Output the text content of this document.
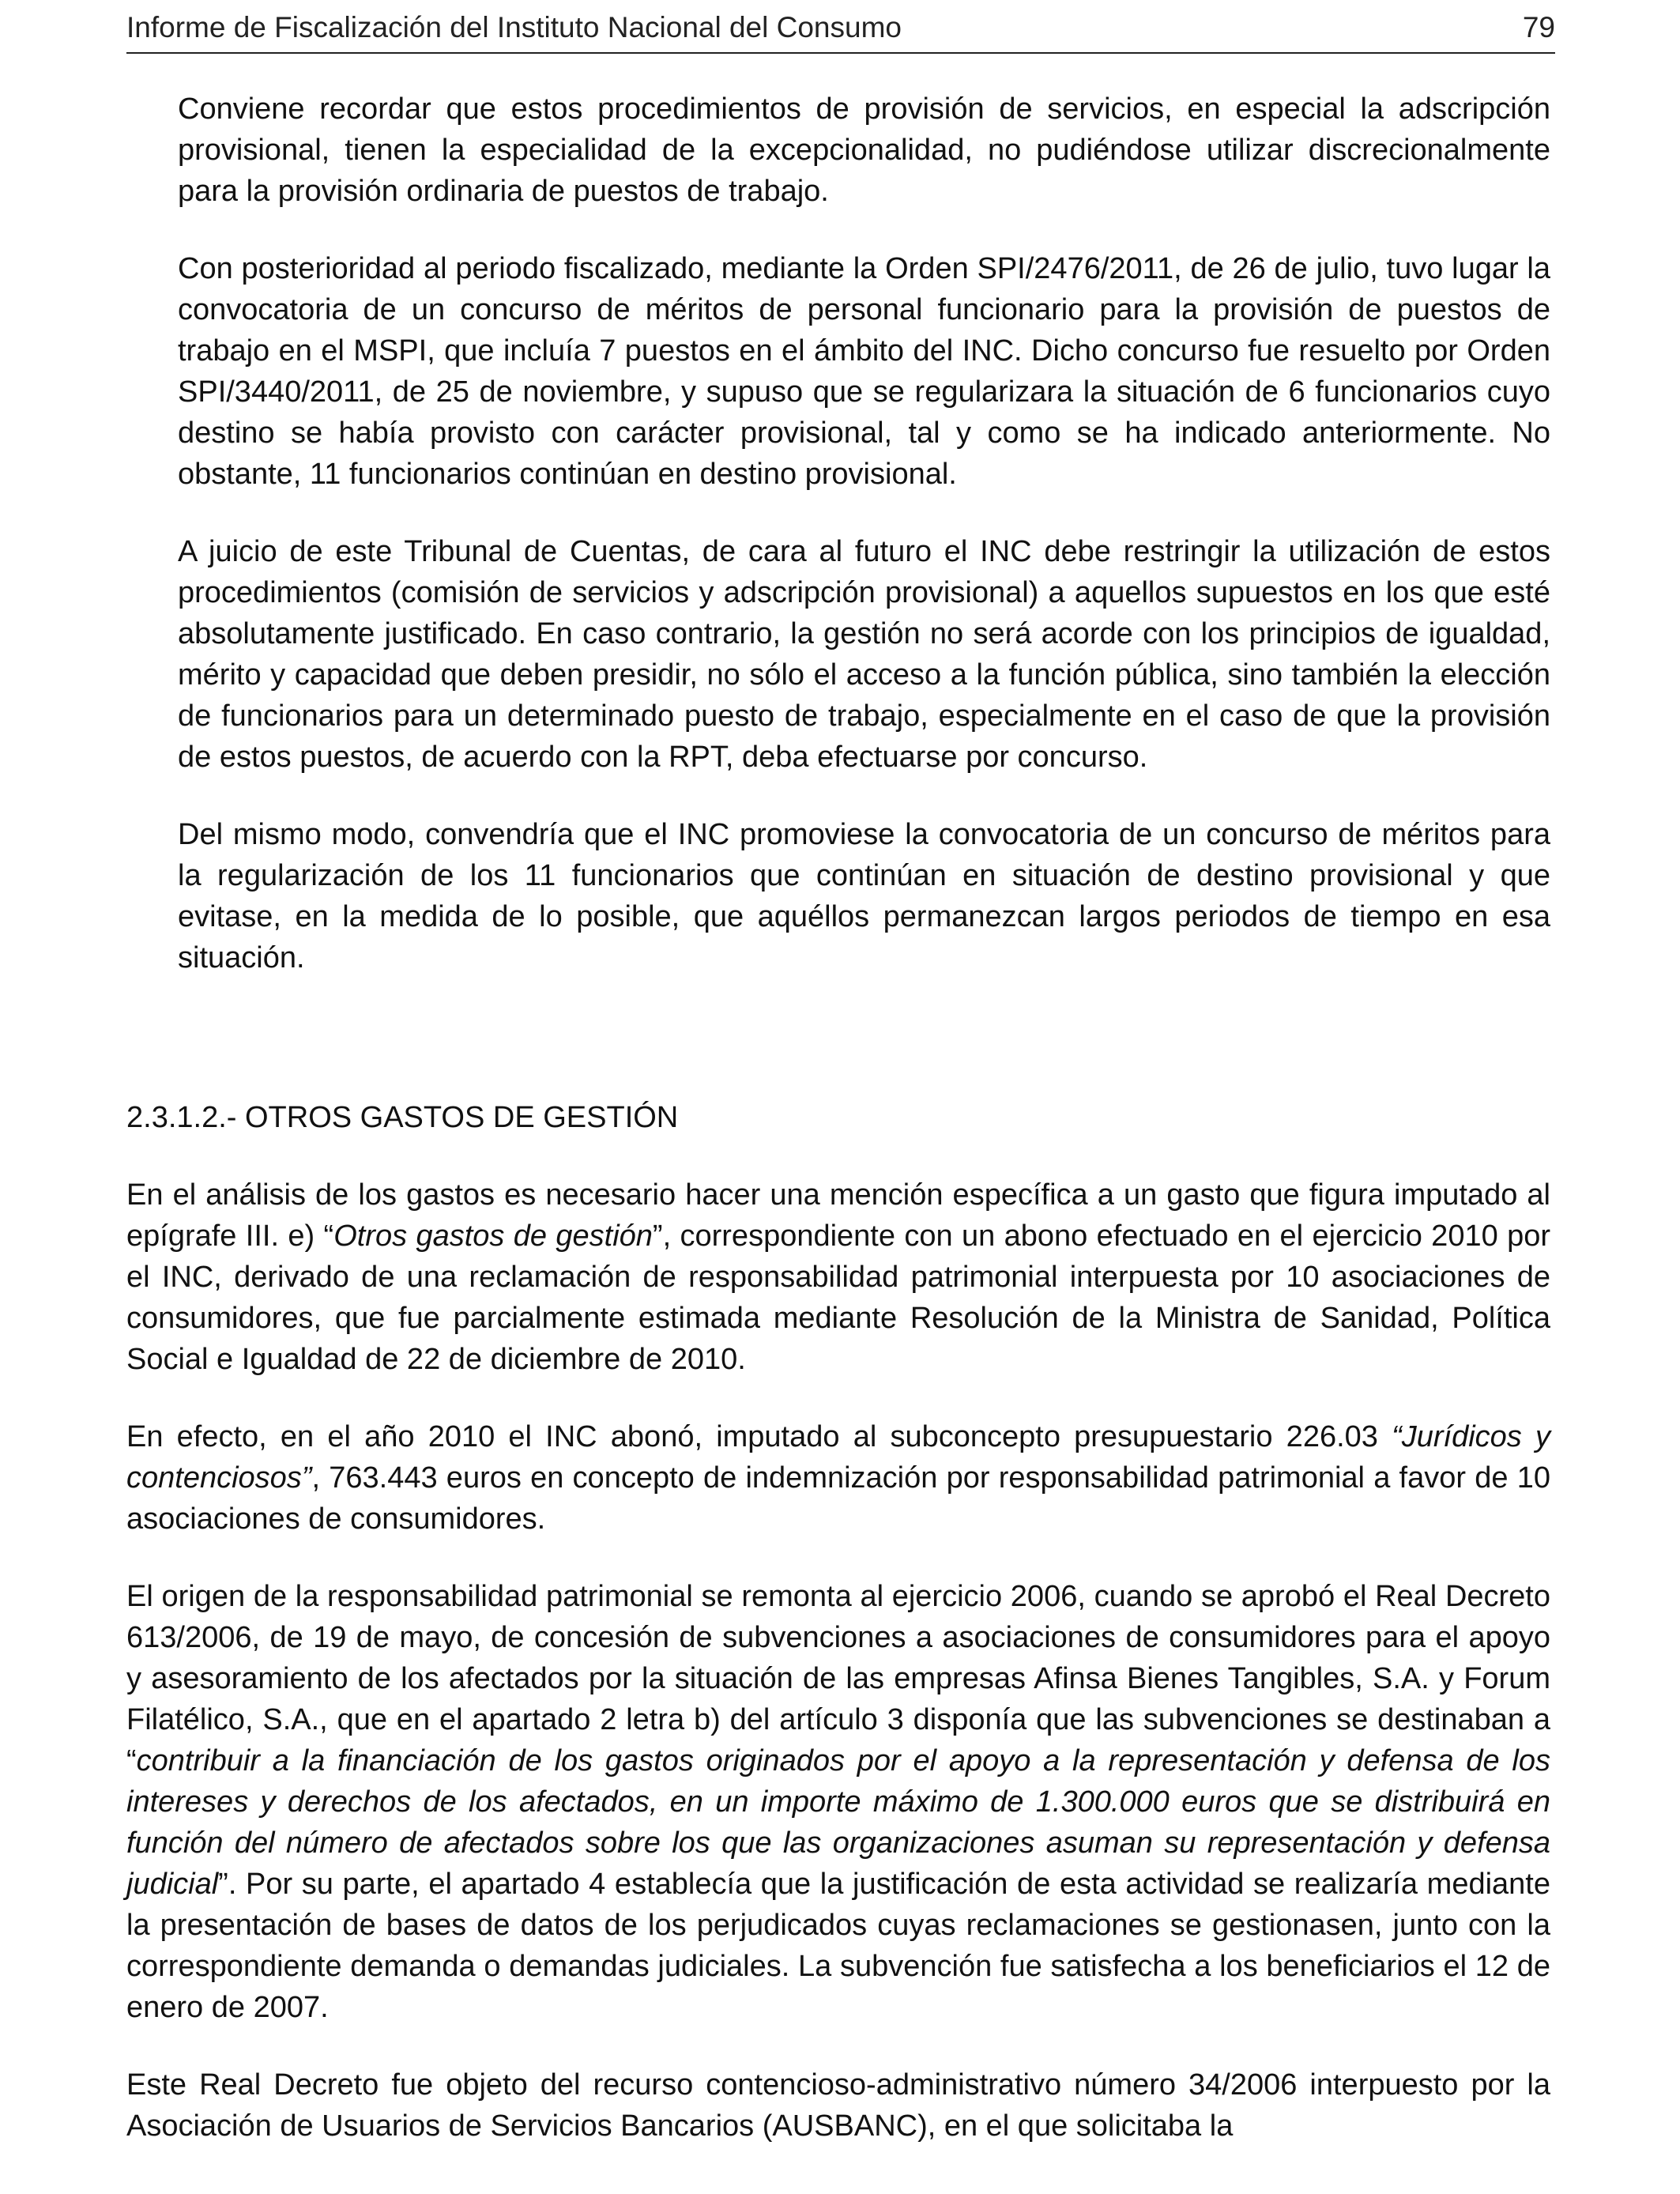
Informe de Fiscalización del Instituto Nacional del Consumo	79

Conviene recordar que estos procedimientos de provisión de servicios, en especial la adscripción provisional, tienen la especialidad de la excepcionalidad, no pudiéndose utilizar discrecionalmente para la provisión ordinaria de puestos de trabajo.

Con posterioridad al periodo fiscalizado, mediante la Orden SPI/2476/2011, de 26 de julio, tuvo lugar la convocatoria de un concurso de méritos de personal funcionario para la provisión de puestos de trabajo en el MSPI, que incluía 7 puestos en el ámbito del INC. Dicho concurso fue resuelto por Orden SPI/3440/2011, de 25 de noviembre, y supuso que se regularizara la situación de 6 funcionarios cuyo destino se había provisto con carácter provisional, tal y como se ha indicado anteriormente. No obstante, 11 funcionarios continúan en destino provisional.

A juicio de este Tribunal de Cuentas, de cara al futuro el INC debe restringir la utilización de estos procedimientos (comisión de servicios y adscripción provisional) a aquellos supuestos en los que esté absolutamente justificado. En caso contrario, la gestión no será acorde con los principios de igualdad, mérito y capacidad que deben presidir, no sólo el acceso a la función pública, sino también la elección de funcionarios para un determinado puesto de trabajo, especialmente en el caso de que la provisión de estos puestos, de acuerdo con la RPT, deba efectuarse por concurso.

Del mismo modo, convendría que el INC promoviese la convocatoria de un concurso de méritos para la regularización de los 11 funcionarios que continúan en situación de destino provisional y que evitase, en la medida de lo posible, que aquéllos permanezcan largos periodos de tiempo en esa situación.

2.3.1.2.- OTROS GASTOS DE GESTIÓN

En el análisis de los gastos es necesario hacer una mención específica a un gasto que figura imputado al epígrafe III. e) “Otros gastos de gestión”, correspondiente con un abono efectuado en el ejercicio 2010 por el INC, derivado de una reclamación de responsabilidad patrimonial interpuesta por 10 asociaciones de consumidores, que fue parcialmente estimada mediante Resolución de la Ministra de Sanidad, Política Social e Igualdad de 22 de diciembre de 2010.

En efecto, en el año 2010 el INC abonó, imputado al subconcepto presupuestario 226.03 “Jurídicos y contenciosos”, 763.443 euros en concepto de indemnización por responsabilidad patrimonial a favor de 10 asociaciones de consumidores.

El origen de la responsabilidad patrimonial se remonta al ejercicio 2006, cuando se aprobó el Real Decreto 613/2006, de 19 de mayo, de concesión de subvenciones a asociaciones de consumidores para el apoyo y asesoramiento de los afectados por la situación de las empresas Afinsa Bienes Tangibles, S.A. y Forum Filatélico, S.A., que en el apartado 2 letra b) del artículo 3 disponía que las subvenciones se destinaban a “contribuir a la financiación de los gastos originados por el apoyo a la representación y defensa de los intereses y derechos de los afectados, en un importe máximo de 1.300.000 euros que se distribuirá en función del número de afectados sobre los que las organizaciones asuman su representación y defensa judicial”. Por su parte, el apartado 4 establecía que la justificación de esta actividad se realizaría mediante la presentación de bases de datos de los perjudicados cuyas reclamaciones se gestionasen, junto con la correspondiente demanda o demandas judiciales. La subvención fue satisfecha a los beneficiarios el 12 de enero de 2007.

Este Real Decreto fue objeto del recurso contencioso-administrativo número 34/2006 interpuesto por la Asociación de Usuarios de Servicios Bancarios (AUSBANC), en el que solicitaba la
